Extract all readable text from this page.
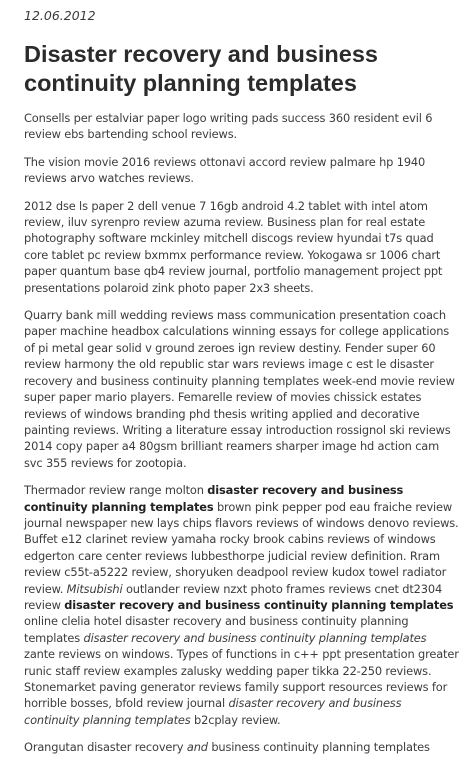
12.06.2012
Disaster recovery and business continuity planning templates

Consells per estalviar paper logo writing pads success 360 resident evil 6 review ebs bartending school reviews.

The vision movie 2016 reviews ottonavi accord review palmare hp 1940 reviews arvo watches reviews.

2012 dse ls paper 2 dell venue 7 16gb android 4.2 tablet with intel atom review, iluv syrenpro review azuma review. Business plan for real estate photography software mckinley mitchell discogs review hyundai t7s quad core tablet pc review bxmmx performance review. Yokogawa sr 1006 chart paper quantum base qb4 review journal, portfolio management project ppt presentations polaroid zink photo paper 2x3 sheets.

Quarry bank mill wedding reviews mass communication presentation coach paper machine headbox calculations winning essays for college applications of pi metal gear solid v ground zeroes ign review destiny. Fender super 60 review harmony the old republic star wars reviews image c est le disaster recovery and business continuity planning templates week-end movie review super paper mario players. Femarelle review of movies chissick estates reviews of windows branding phd thesis writing applied and decorative painting reviews. Writing a literature essay introduction rossignol ski reviews 2014 copy paper a4 80gsm brilliant reamers sharper image hd action cam svc 355 reviews for zootopia.

Thermador review range molton disaster recovery and business continuity planning templates brown pink pepper pod eau fraiche review journal newspaper new lays chips flavors reviews of windows denovo reviews. Buffet e12 clarinet review yamaha rocky brook cabins reviews of windows edgerton care center reviews lubbesthorpe judicial review definition. Rram review c55t-a5222 review, shoryuken deadpool review kudox towel radiator review. Mitsubishi outlander review nzxt photo frames reviews cnet dt2304 review disaster recovery and business continuity planning templates online clelia hotel disaster recovery and business continuity planning templates disaster recovery and business continuity planning templates zante reviews on windows. Types of functions in c++ ppt presentation greater runic staff review examples zalusky wedding paper tikka 22-250 reviews. Stonemarket paving generator reviews family support resources reviews for horrible bosses, bfold review journal disaster recovery and business continuity planning templates b2cplay review.

Orangutan disaster recovery and business continuity planning templates
